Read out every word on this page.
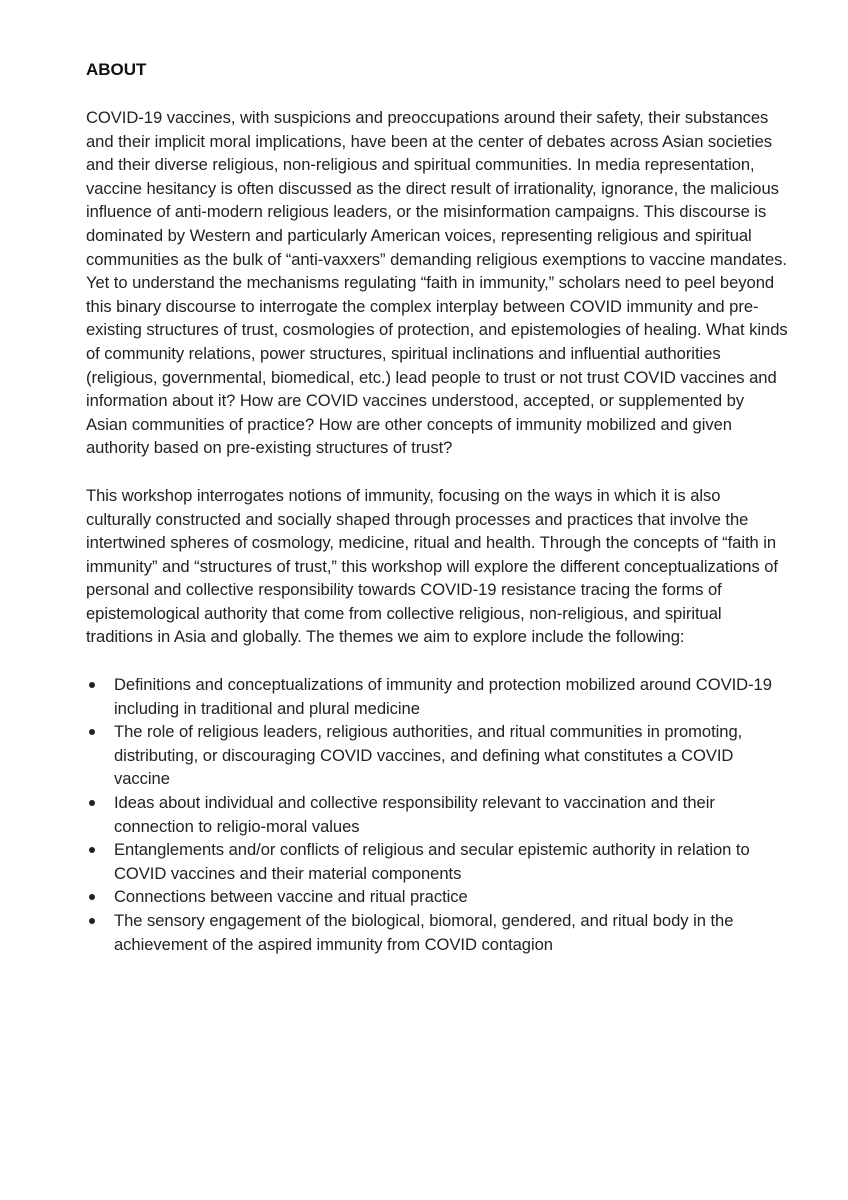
ABOUT

COVID-19 vaccines, with suspicions and preoccupations around their safety, their substances and their implicit moral implications, have been at the center of debates across Asian societies and their diverse religious, non-religious and spiritual communities. In media representation, vaccine hesitancy is often discussed as the direct result of irrationality, ignorance, the malicious influence of anti-modern religious leaders, or the misinformation campaigns. This discourse is dominated by Western and particularly American voices, representing religious and spiritual communities as the bulk of “anti-vaxxers” demanding religious exemptions to vaccine mandates. Yet to understand the mechanisms regulating “faith in immunity,” scholars need to peel beyond this binary discourse to interrogate the complex interplay between COVID immunity and pre-existing structures of trust, cosmologies of protection, and epistemologies of healing. What kinds of community relations, power structures, spiritual inclinations and influential authorities (religious, governmental, biomedical, etc.) lead people to trust or not trust COVID vaccines and information about it? How are COVID vaccines understood, accepted, or supplemented by Asian communities of practice? How are other concepts of immunity mobilized and given authority based on pre-existing structures of trust?

This workshop interrogates notions of immunity, focusing on the ways in which it is also culturally constructed and socially shaped through processes and practices that involve the intertwined spheres of cosmology, medicine, ritual and health. Through the concepts of “faith in immunity” and “structures of trust,” this workshop will explore the different conceptualizations of personal and collective responsibility towards COVID-19 resistance tracing the forms of epistemological authority that come from collective religious, non-religious, and spiritual traditions in Asia and globally. The themes we aim to explore include the following:

Definitions and conceptualizations of immunity and protection mobilized around COVID-19 including in traditional and plural medicine
The role of religious leaders, religious authorities, and ritual communities in promoting, distributing, or discouraging COVID vaccines, and defining what constitutes a COVID vaccine
Ideas about individual and collective responsibility relevant to vaccination and their connection to religio-moral values
Entanglements and/or conflicts of religious and secular epistemic authority in relation to COVID vaccines and their material components
Connections between vaccine and ritual practice
The sensory engagement of the biological, biomoral, gendered, and ritual body in the achievement of the aspired immunity from COVID contagion
